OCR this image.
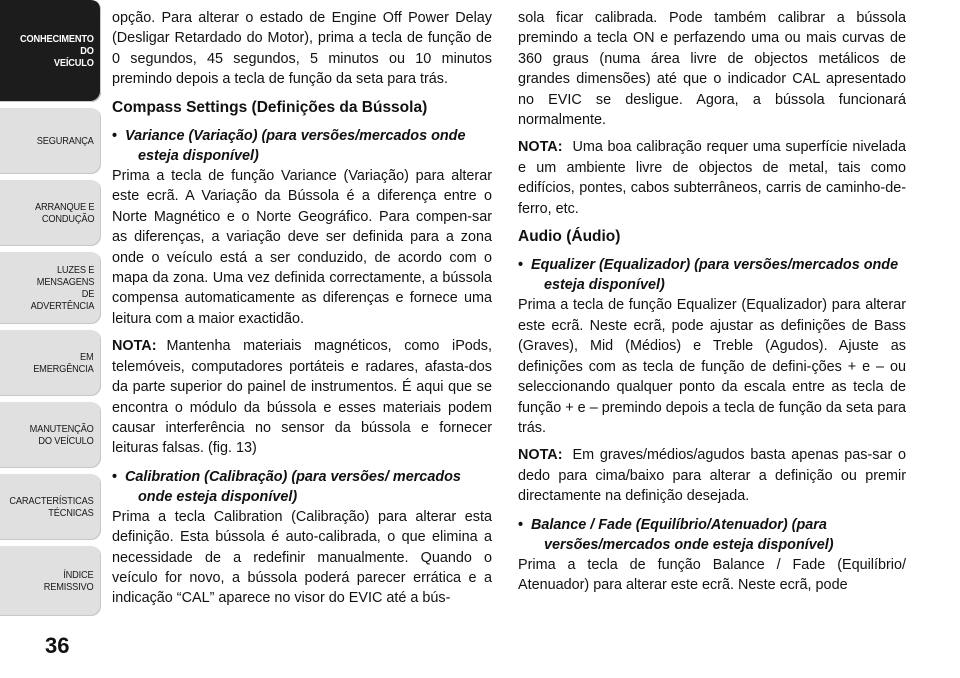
CONHECIMENTO
DO
VEÍCULO
SEGURANÇA
ARRANQUE E
CONDUÇÃO
LUZES E
MENSAGENS
DE
ADVERTÊNCIA
EM
EMERGÊNCIA
MANUTENÇÃO
DO VEÍCULO
CARACTERÍSTICAS
TÉCNICAS
ÍNDICE
REMISSIVO
36

opção. Para alterar o estado de Engine Off Power Delay (Desligar Retardado do Motor), prima a tecla de função de 0 segundos, 45 segundos, 5 minutos ou 10 minutos premindo depois a tecla de função da seta para trás.

Compass Settings (Definições da Bússola)
• Variance (Variação) (para versões/mercados onde esteja disponível)

Prima a tecla de função Variance (Variação) para alterar este ecrã. A Variação da Bússola é a diferença entre o Norte Magnético e o Norte Geográfico. Para compen-sar as diferenças, a variação deve ser definida para a zona onde o veículo está a ser conduzido, de acordo com o mapa da zona. Uma vez definida correctamente, a bússola compensa automaticamente as diferenças e fornece uma leitura com a maior exactidão.

NOTA: Mantenha materiais magnéticos, como iPods, telemóveis, computadores portáteis e radares, afasta-dos da parte superior do painel de instrumentos. É aqui que se encontra o módulo da bússola e esses materiais podem causar interferência no sensor da bússola e fornecer leituras falsas. (fig. 13)

• Calibration (Calibração) (para versões/ mercados onde esteja disponível)

Prima a tecla Calibration (Calibração) para alterar esta definição. Esta bússola é auto-calibrada, o que elimina a necessidade de a redefinir manualmente. Quando o veículo for novo, a bússola poderá parecer errática e a indicação “CAL” aparece no visor do EVIC até a bús-

sola ficar calibrada. Pode também calibrar a bússola premindo a tecla ON e perfazendo uma ou mais curvas de 360 graus (numa área livre de objectos metálicos de grandes dimensões) até que o indicador CAL apresentado no EVIC se desligue. Agora, a bússola funcionará normalmente.

NOTA: Uma boa calibração requer uma superfície nivelada e um ambiente livre de objectos de metal, tais como edifícios, pontes, cabos subterrâneos, carris de caminho-de-ferro, etc.

Audio (Áudio)
• Equalizer (Equalizador) (para versões/mercados onde esteja disponível)

Prima a tecla de função Equalizer (Equalizador) para alterar este ecrã. Neste ecrã, pode ajustar as definições de Bass (Graves), Mid (Médios) e Treble (Agudos). Ajuste as definições com as tecla de função de defini-ções + e – ou seleccionando qualquer ponto da escala entre as tecla de função + e – premindo depois a tecla de função da seta para trás.

NOTA: Em graves/médios/agudos basta apenas pas-sar o dedo para cima/baixo para alterar a definição ou premir directamente na definição desejada.

• Balance / Fade (Equilíbrio/Atenuador) (para versões/mercados onde esteja disponível)

Prima a tecla de função Balance / Fade (Equilíbrio/ Atenuador) para alterar este ecrã. Neste ecrã, pode
